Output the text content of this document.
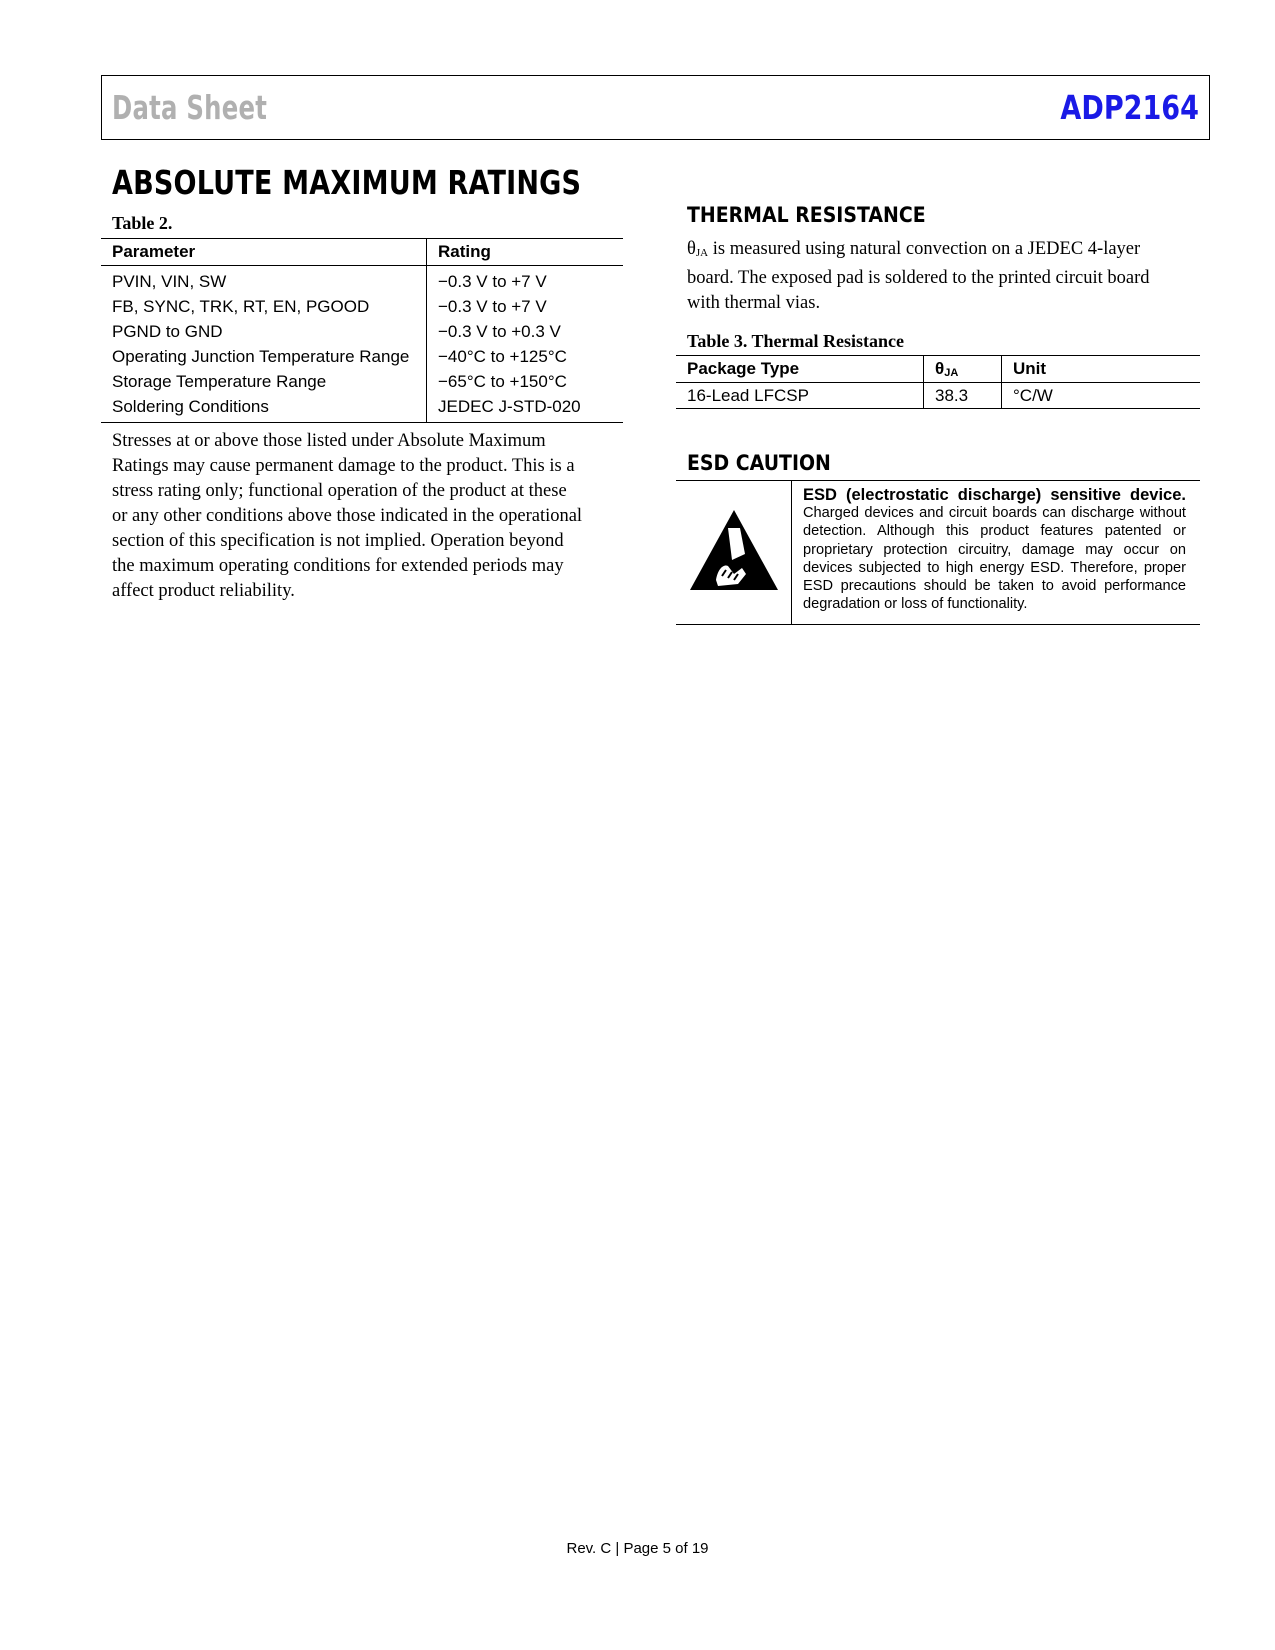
Data Sheet	ADP2164
ABSOLUTE MAXIMUM RATINGS
Table 2.
Parameter	Rating
PVIN, VIN, SW	−0.3 V to +7 V
FB, SYNC, TRK, RT, EN, PGOOD	−0.3 V to +7 V
PGND to GND	−0.3 V to +0.3 V
Operating Junction Temperature Range	−40°C to +125°C
Storage Temperature Range	−65°C to +150°C
Soldering Conditions	JEDEC J-STD-020
Stresses at or above those listed under Absolute Maximum
Ratings may cause permanent damage to the product. This is a
stress rating only; functional operation of the product at these
or any other conditions above those indicated in the operational
section of this specification is not implied. Operation beyond
the maximum operating conditions for extended periods may
affect product reliability.
THERMAL RESISTANCE
$\theta_{JA}$ is measured using natural convection on a JEDEC 4-layer
board. The exposed pad is soldered to the printed circuit board
with thermal vias.
Table 3. Thermal Resistance
Package Type	$\theta_{JA}$	Unit
16-Lead LFCSP	38.3	°C/W
ESD CAUTION
ESD (electrostatic discharge) sensitive device.
Charged devices and circuit boards can discharge without detection. Although this product features patented or proprietary protection circuitry, damage may occur on devices subjected to high energy ESD. Therefore, proper ESD precautions should be taken to avoid performance degradation or loss of functionality.
Rev. C | Page 5 of 19
